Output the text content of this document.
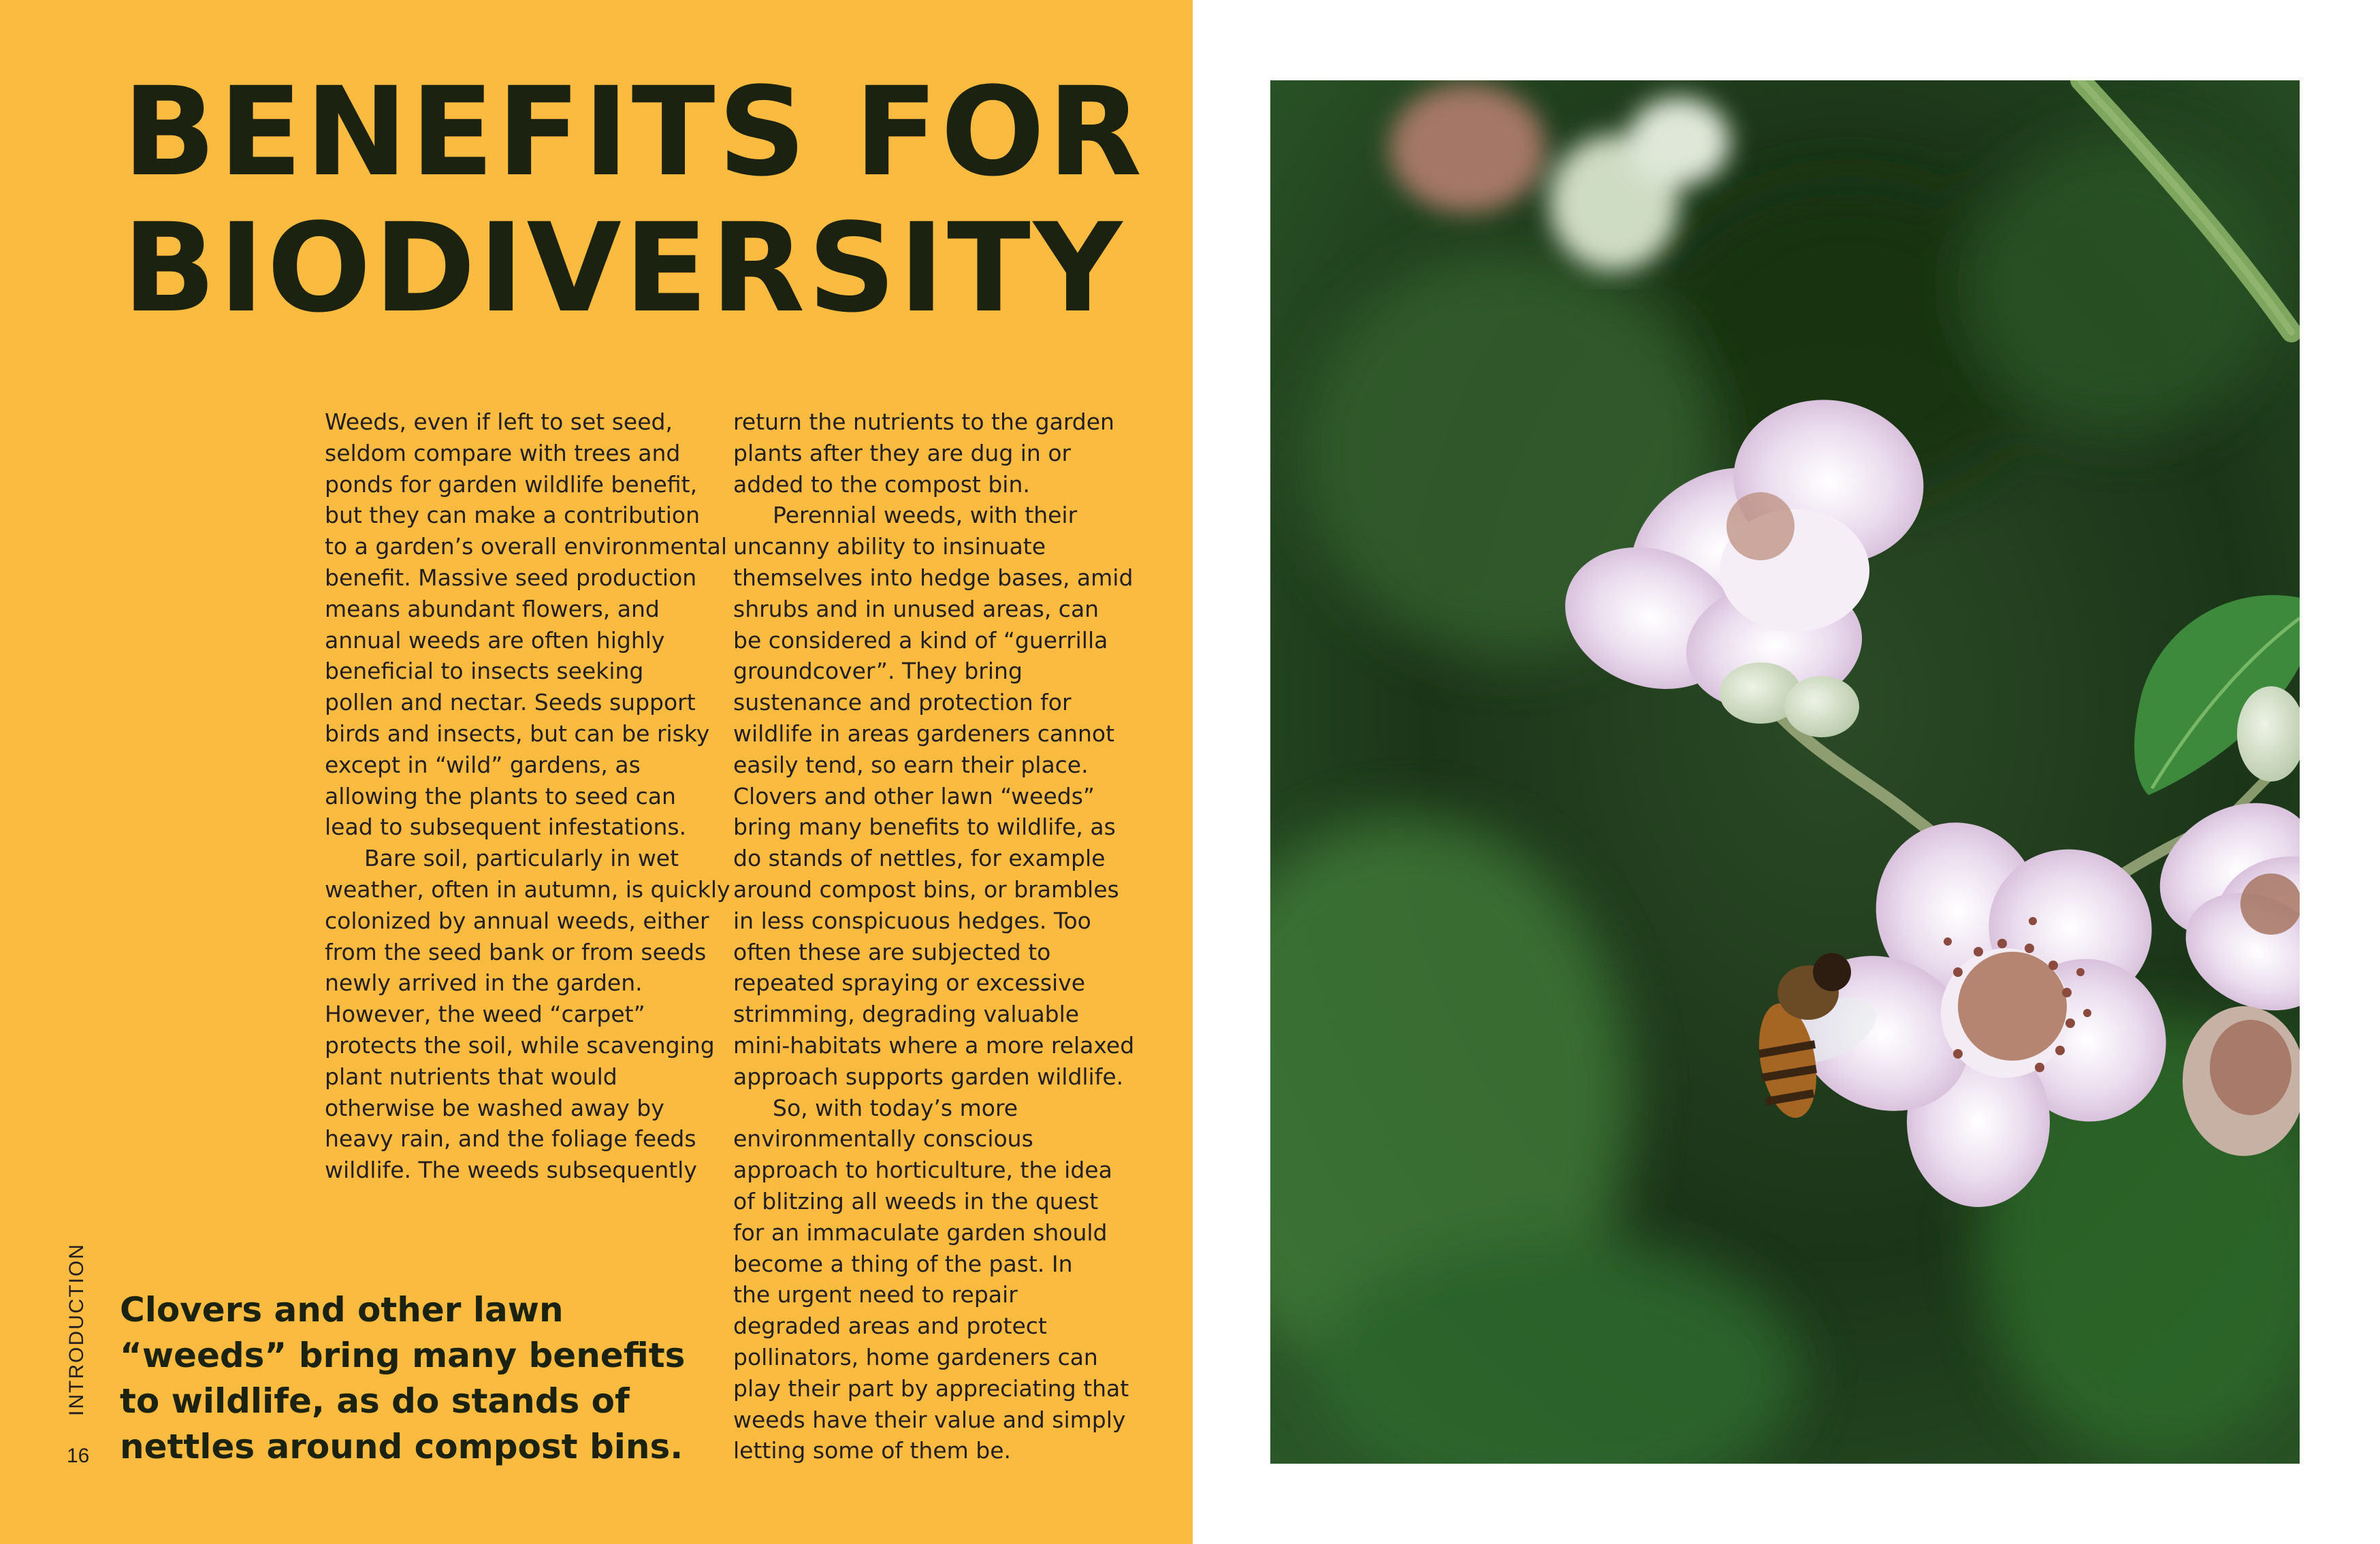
BENEFITS FOR
BIODIVERSITY
Weeds, even if left to set seed,
seldom compare with trees and
ponds for garden wildlife benefit,
but they can make a contribution
to a garden’s overall environmental
benefit. Massive seed production
means abundant flowers, and
annual weeds are often highly
beneficial to insects seeking
pollen and nectar. Seeds support
birds and insects, but can be risky
except in “wild” gardens, as
allowing the plants to seed can
lead to subsequent infestations.
Bare soil, particularly in wet
weather, often in autumn, is quickly
colonized by annual weeds, either
from the seed bank or from seeds
newly arrived in the garden.
However, the weed “carpet”
protects the soil, while scavenging
plant nutrients that would
otherwise be washed away by
heavy rain, and the foliage feeds
wildlife. The weeds subsequently
return the nutrients to the garden
plants after they are dug in or
added to the compost bin.
Perennial weeds, with their
uncanny ability to insinuate
themselves into hedge bases, amid
shrubs and in unused areas, can
be considered a kind of “guerrilla
groundcover”. They bring
sustenance and protection for
wildlife in areas gardeners cannot
easily tend, so earn their place.
Clovers and other lawn “weeds”
bring many benefits to wildlife, as
do stands of nettles, for example
around compost bins, or brambles
in less conspicuous hedges. Too
often these are subjected to
repeated spraying or excessive
strimming, degrading valuable
mini-habitats where a more relaxed
approach supports garden wildlife.
So, with today’s more
environmentally conscious
approach to horticulture, the idea
of blitzing all weeds in the quest
for an immaculate garden should
become a thing of the past. In
the urgent need to repair
degraded areas and protect
pollinators, home gardeners can
play their part by appreciating that
weeds have their value and simply
letting some of them be.
Clovers and other lawn
“weeds” bring many benefits
to wildlife, as do stands of
nettles around compost bins.
INTRODUCTION
16
